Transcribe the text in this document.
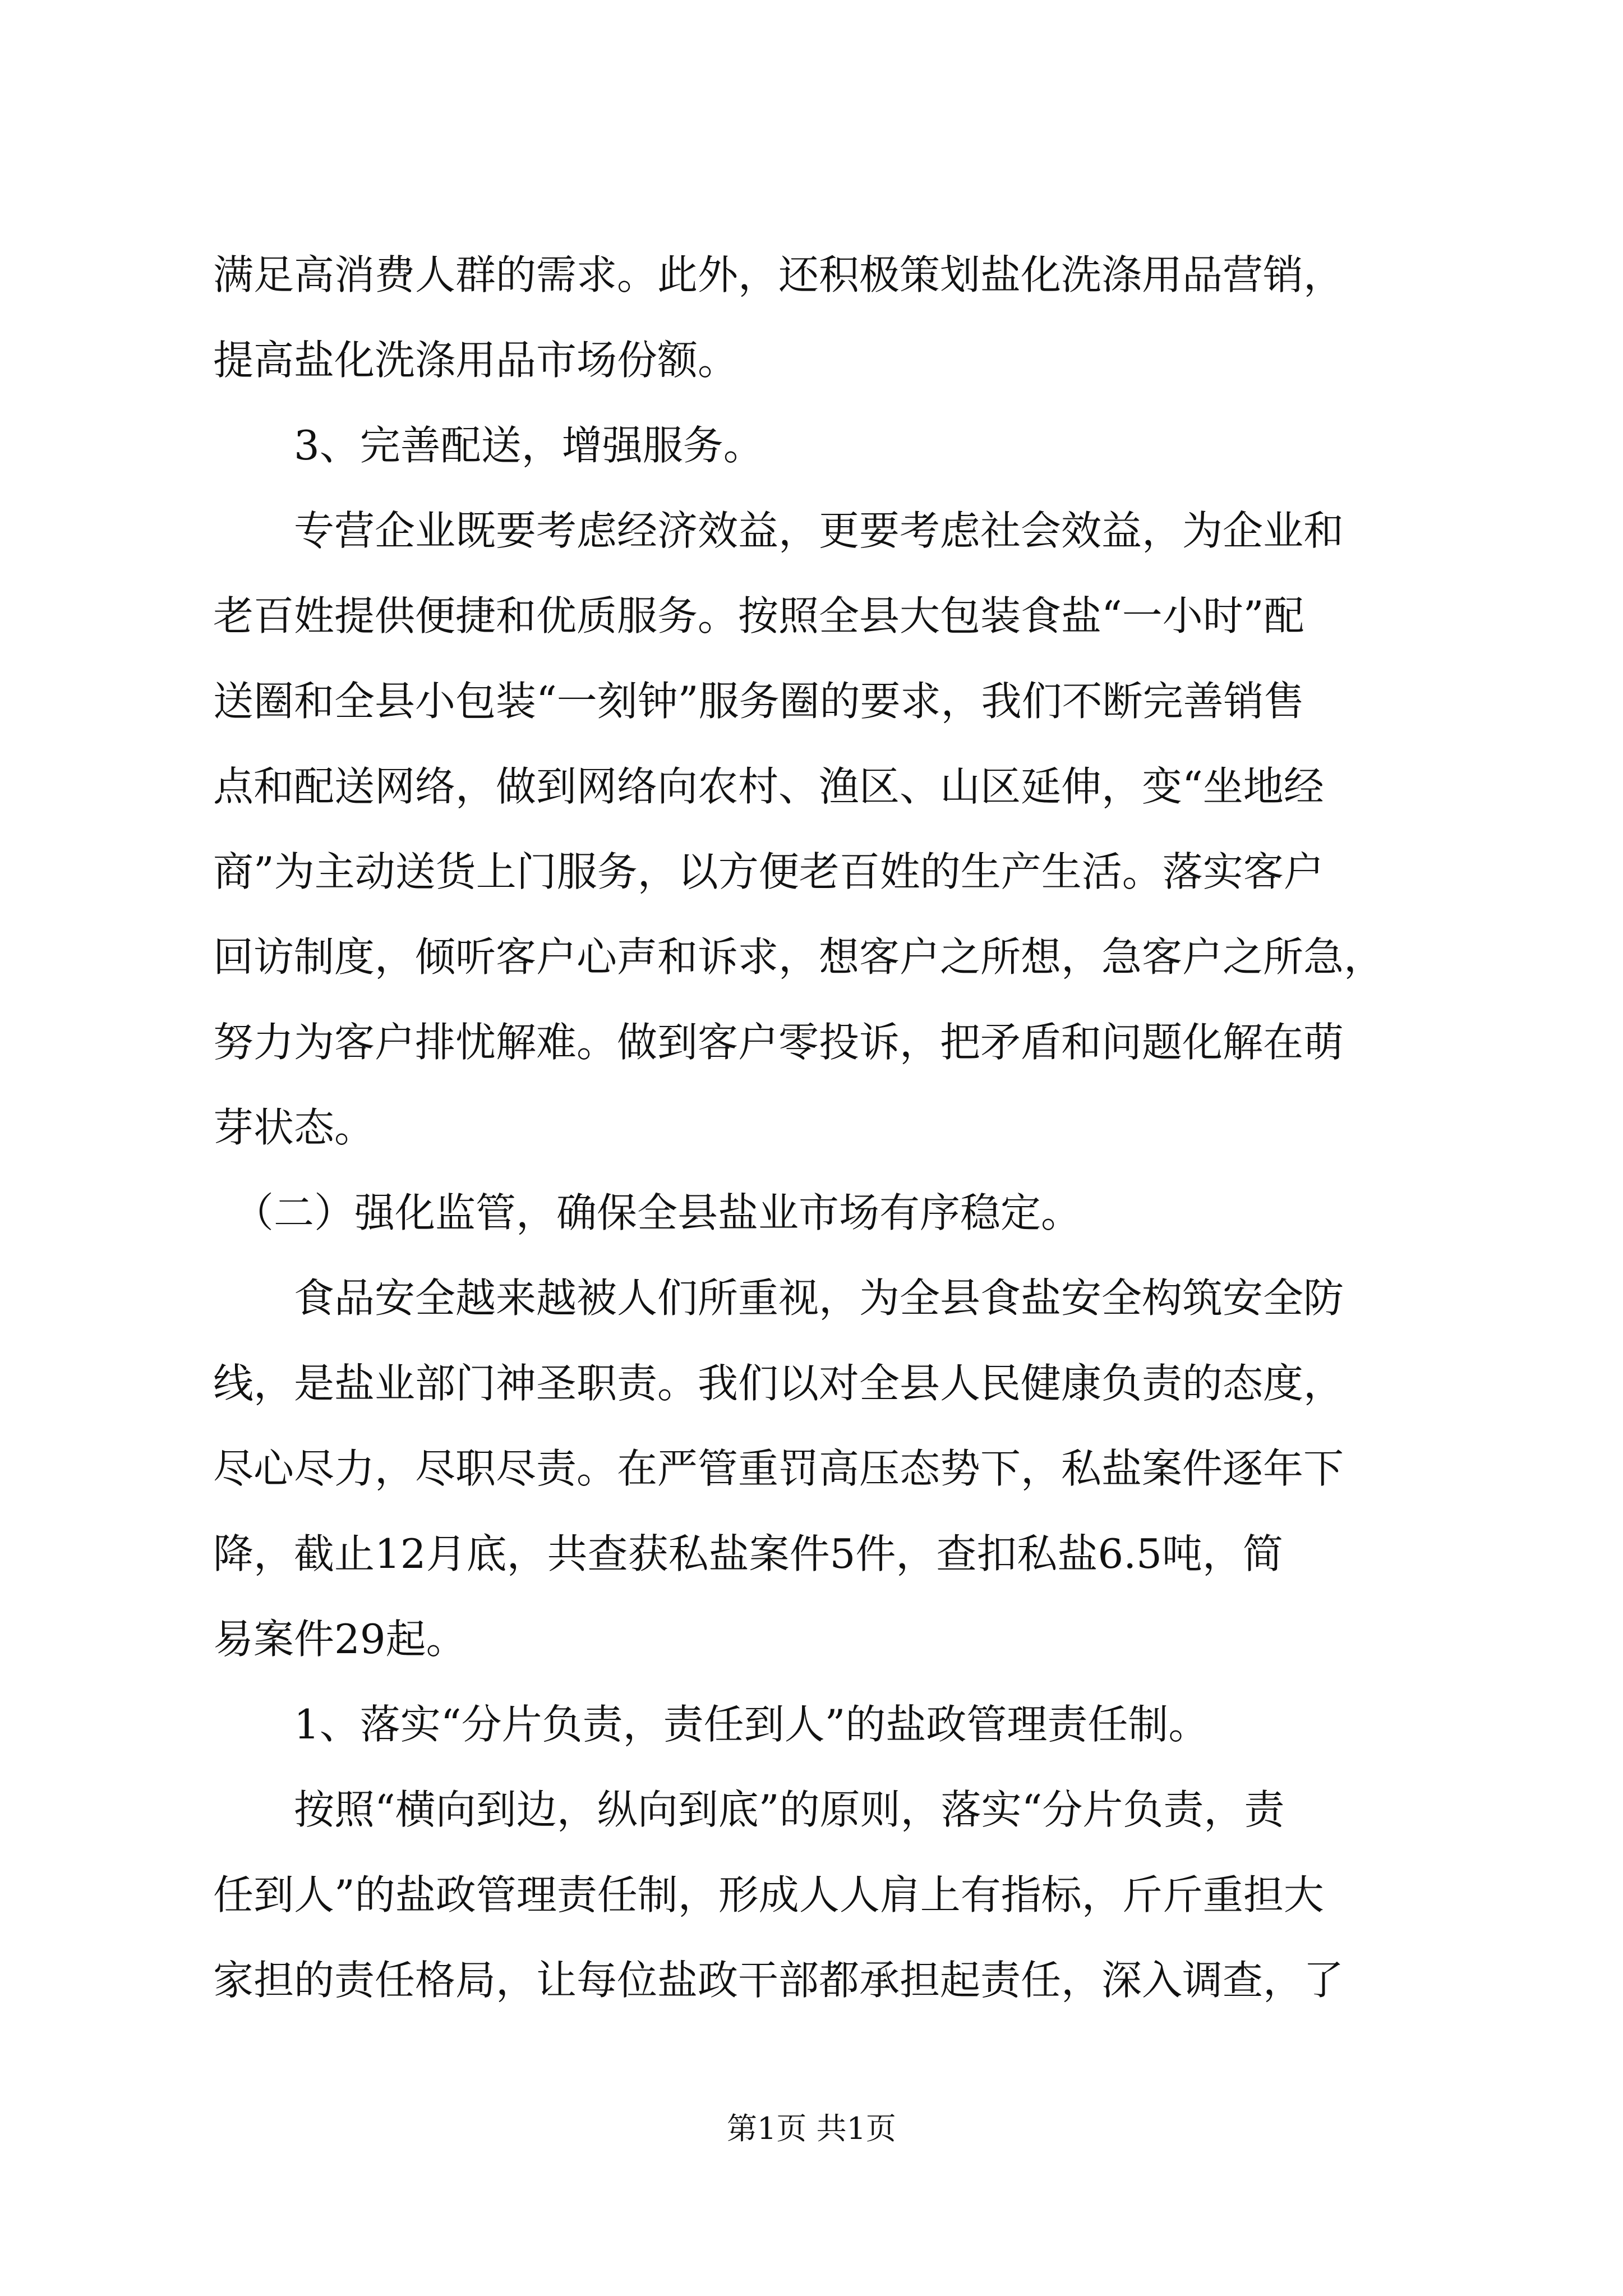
满足高消费人群的需求。此外，还积极策划盐化洗涤用品营销，
提高盐化洗涤用品市场份额。
　　3、完善配送，增强服务。
　　专营企业既要考虑经济效益，更要考虑社会效益，为企业和
老百姓提供便捷和优质服务。按照全县大包装食盐“一小时”配
送圈和全县小包装“一刻钟”服务圈的要求，我们不断完善销售
点和配送网络，做到网络向农村、渔区、山区延伸，变“坐地经
商”为主动送货上门服务，以方便老百姓的生产生活。落实客户
回访制度，倾听客户心声和诉求，想客户之所想，急客户之所急，
努力为客户排忧解难。做到客户零投诉，把矛盾和问题化解在萌
芽状态。
　（二）强化监管，确保全县盐业市场有序稳定。
　　食品安全越来越被人们所重视，为全县食盐安全构筑安全防
线，是盐业部门神圣职责。我们以对全县人民健康负责的态度，
尽心尽力，尽职尽责。在严管重罚高压态势下，私盐案件逐年下
降，截止12月底，共查获私盐案件5件，查扣私盐6.5吨，简
易案件29起。
　　1、落实“分片负责，责任到人”的盐政管理责任制。
　　按照“横向到边，纵向到底”的原则，落实“分片负责，责
任到人”的盐政管理责任制，形成人人肩上有指标，斤斤重担大
家担的责任格局，让每位盐政干部都承担起责任，深入调查，了
第1页 共1页
